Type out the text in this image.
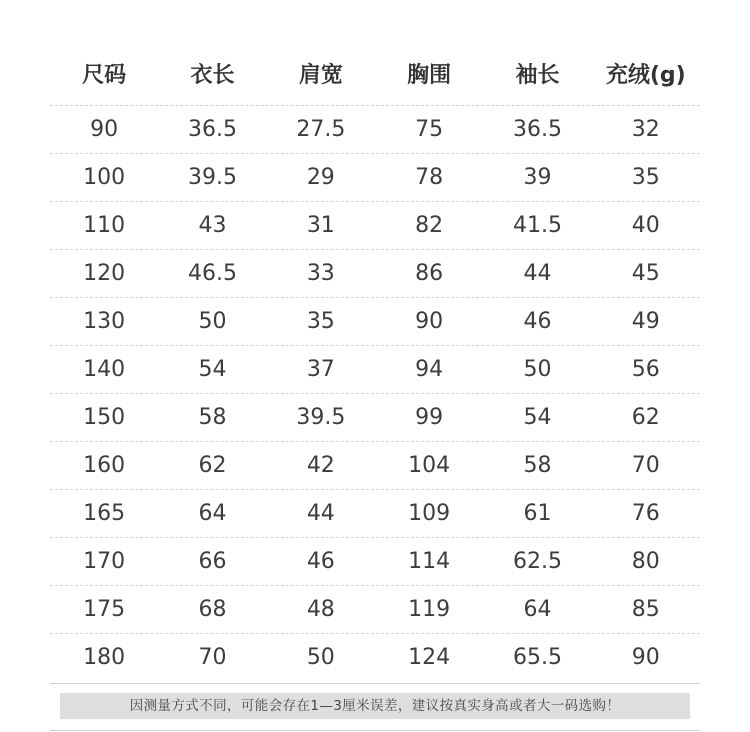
尺码	衣长	肩宽	胸围	袖长	充绒(g)
90	36.5	27.5	75	36.5	32
100	39.5	29	78	39	35
110	43	31	82	41.5	40
120	46.5	33	86	44	45
130	50	35	90	46	49
140	54	37	94	50	56
150	58	39.5	99	54	62
160	62	42	104	58	70
165	64	44	109	61	76
170	66	46	114	62.5	80
175	68	48	119	64	85
180	70	50	124	65.5	90
因测量方式不同，可能会存在1—3厘米误差，建议按真实身高或者大一码选购！
